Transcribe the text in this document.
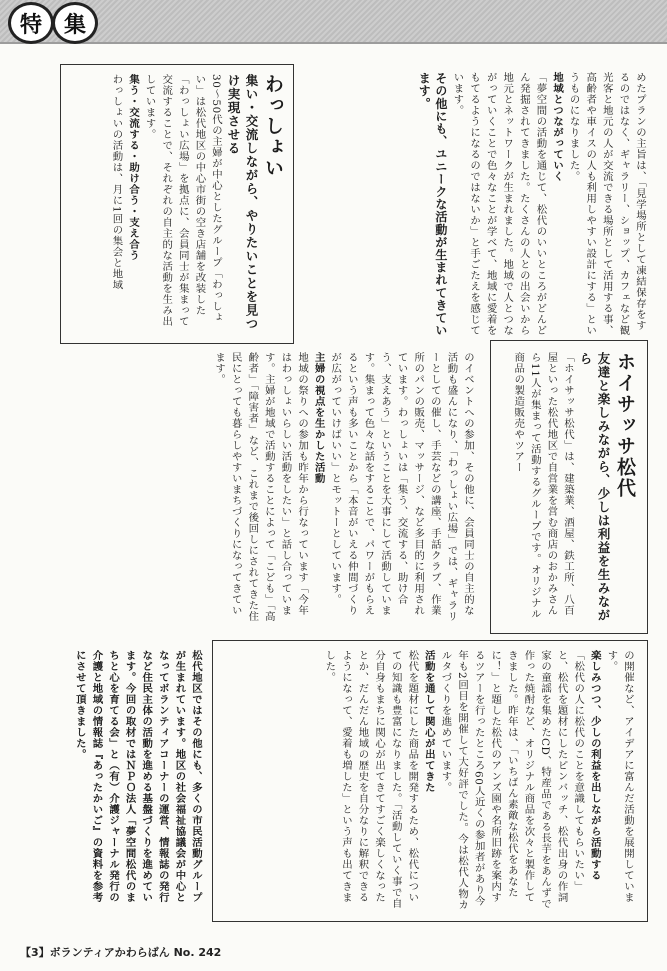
特 集
めたプランの主旨は、「見学場所として凍結保存をするのではなく、ギャラリー、ショップ、カフェなど観光客と地元の人が交流できる場所として活用する事、高齢者や車イスの人も利用しやすい設計にする」というものになりました。
地域とつながっていく
「夢空間の活動を通じて、松代のいいところがどんどん発掘されてきました。たくさんの人との出会いから地元とネットワークが生まれました。地域で人とつながっていくことで色々なことが学べて、地域に愛着をもてるようになるのではないか」と手ごたえを感じています。
その他にも、ユニークな活動が生まれてきています。
わっしょい
集い・交流しながら、やりたいことを見つけ実現させる
30〜50代の主婦が中心としたグループ「わっしょい」は松代地区の中心市街の空き店舗を改装した「わっしょい広場」を拠点に、会員同士が集まって交流することで、それぞれの自主的な活動を生み出しています。
集う・交流する・助け合う・支え合う
わっしょいの活動は、月に1回の集会と地域
ホイサッサ松代
友達と楽しみながら、少しは利益を生みながら
「ホイサッサ松代」は、建築業、酒屋、鉄工所、八百屋といった松代地区で自営業を営む商店のおかみさんら11人が集まって活動するグループです。オリジナル商品の製造販売やツアー
のイベントへの参加、その他に、会員同士の自主的な活動も盛んになり、「わっしょい広場」では、ギャラリーとしての催し、手芸などの講座、手話クラブ、作業所のパンの販売、マッサージ、など多目的に利用されています。わっしょいは「集う、交流する、助け合う、支えあう」ということを大事にして活動しています。集まって色々な話をすることで、パワーがもらえるという声も多いことから「本音がいえる仲間づくりが広がっていけばいい」とモットーとしています。
主婦の視点を生かした活動
地域の祭りへの参加も昨年から行なっています「今年はわっしょいらしい活動をしたい」と話し合っています。主婦が地域で活動することによって「こども」「高齢者」「障害者」など、これまで後回しにされてきた住民にとっても暮らしやすいまちづくりになってきています。
の開催など、アイデアに富んだ活動を展開しています。
楽しみつつ、少しの利益を出しながら活動する
「松代の人に松代のことを意識してもらいたい」と、松代を題材にしたピンバッチ、松代出身の作詞家の童謡を集めたCD、特産品である長芋をあんずで作った焼酎など、オリジナル商品を次々と製作してきました。昨年は、「いちばん素敵な松代をあなたに！」と題した松代のアンズ園や名所旧跡を案内するツアーを行ったところ60人近くの参加者があり今年も2回目を開催して大好評でした。今は松代人物カルタづくりを進めています。
活動を通して関心が出てきた
松代を題材にした商品を開発するため、松代についての知識も豊富になりました。「活動していく事で自分自身もまちに関心が出てきてすごく楽しくなったとか、だんだん地域の歴史を自分なりに解釈できるようになって、愛着も増した」という声も出てきました。
松代地区ではその他にも、多くの市民活動グループが生まれています。地区の社会福祉協議会が中心となってボランティアコーナーの運営、情報誌の発行など住民主体の活動を進める基盤づくりを進めています。今回の取材ではＮＰＯ法人「夢空間松代のまちと心を育てる会」と（有）介護ジャーナル発行の介護と地域の情報誌『あったかいご』の資料を参考にさせて頂きました。
【3】ボランティアかわらばん No. 242
